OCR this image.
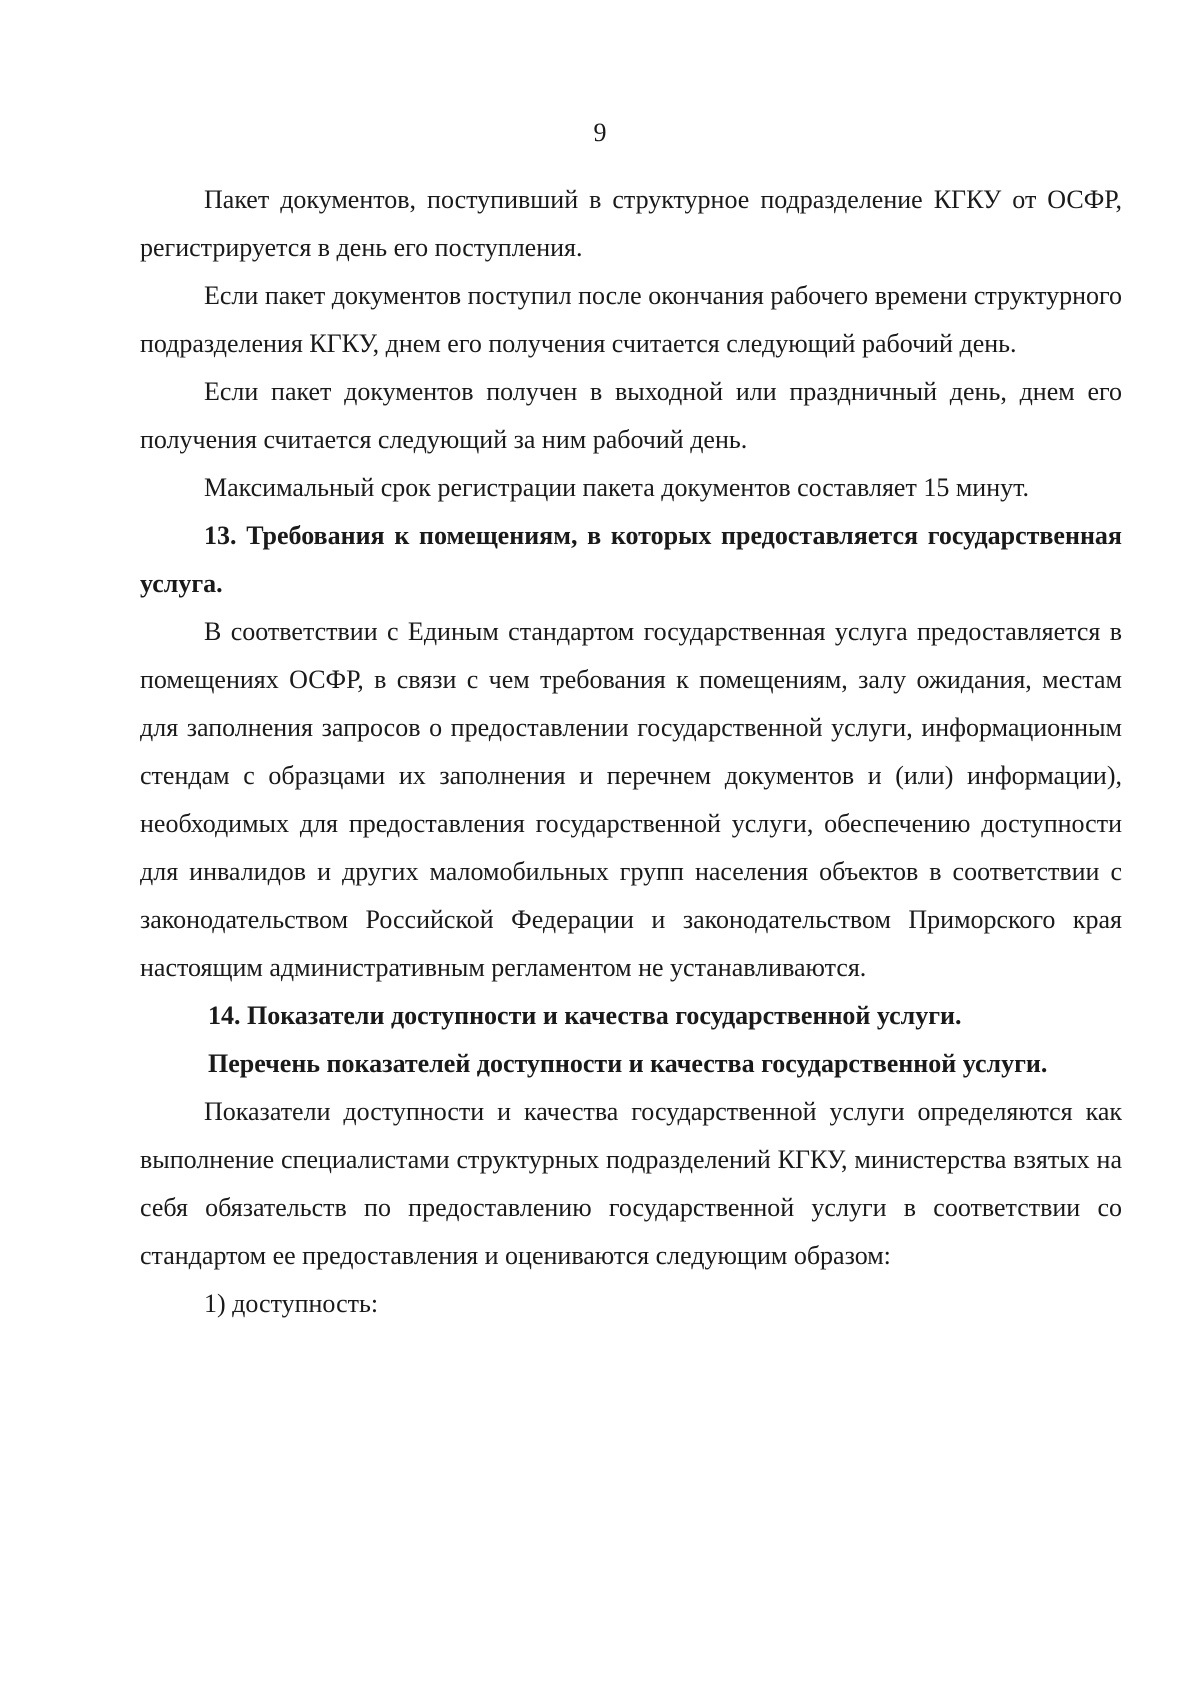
9

Пакет документов, поступивший в структурное подразделение КГКУ от ОСФР, регистрируется в день его поступления.

Если пакет документов поступил после окончания рабочего времени структурного подразделения КГКУ, днем его получения считается следующий рабочий день.

Если пакет документов получен в выходной или праздничный день, днем его получения считается следующий за ним рабочий день.

Максимальный срок регистрации пакета документов составляет 15 минут.

13. Требования к помещениям, в которых предоставляется государственная услуга.

В соответствии с Единым стандартом государственная услуга предоставляется в помещениях ОСФР, в связи с чем требования к помещениям, залу ожидания, местам для заполнения запросов о предоставлении государственной услуги, информационным стендам с образцами их заполнения и перечнем документов и (или) информации), необходимых для предоставления государственной услуги, обеспечению доступности для инвалидов и других маломобильных групп населения объектов в соответствии с законодательством Российской Федерации и законодательством Приморского края настоящим административным регламентом не устанавливаются.

14. Показатели доступности и качества государственной услуги.

Перечень показателей доступности и качества государственной услуги.

Показатели доступности и качества государственной услуги определяются как выполнение специалистами структурных подразделений КГКУ, министерства взятых на себя обязательств по предоставлению государственной услуги в соответствии со стандартом ее предоставления и оцениваются следующим образом:

1) доступность:
